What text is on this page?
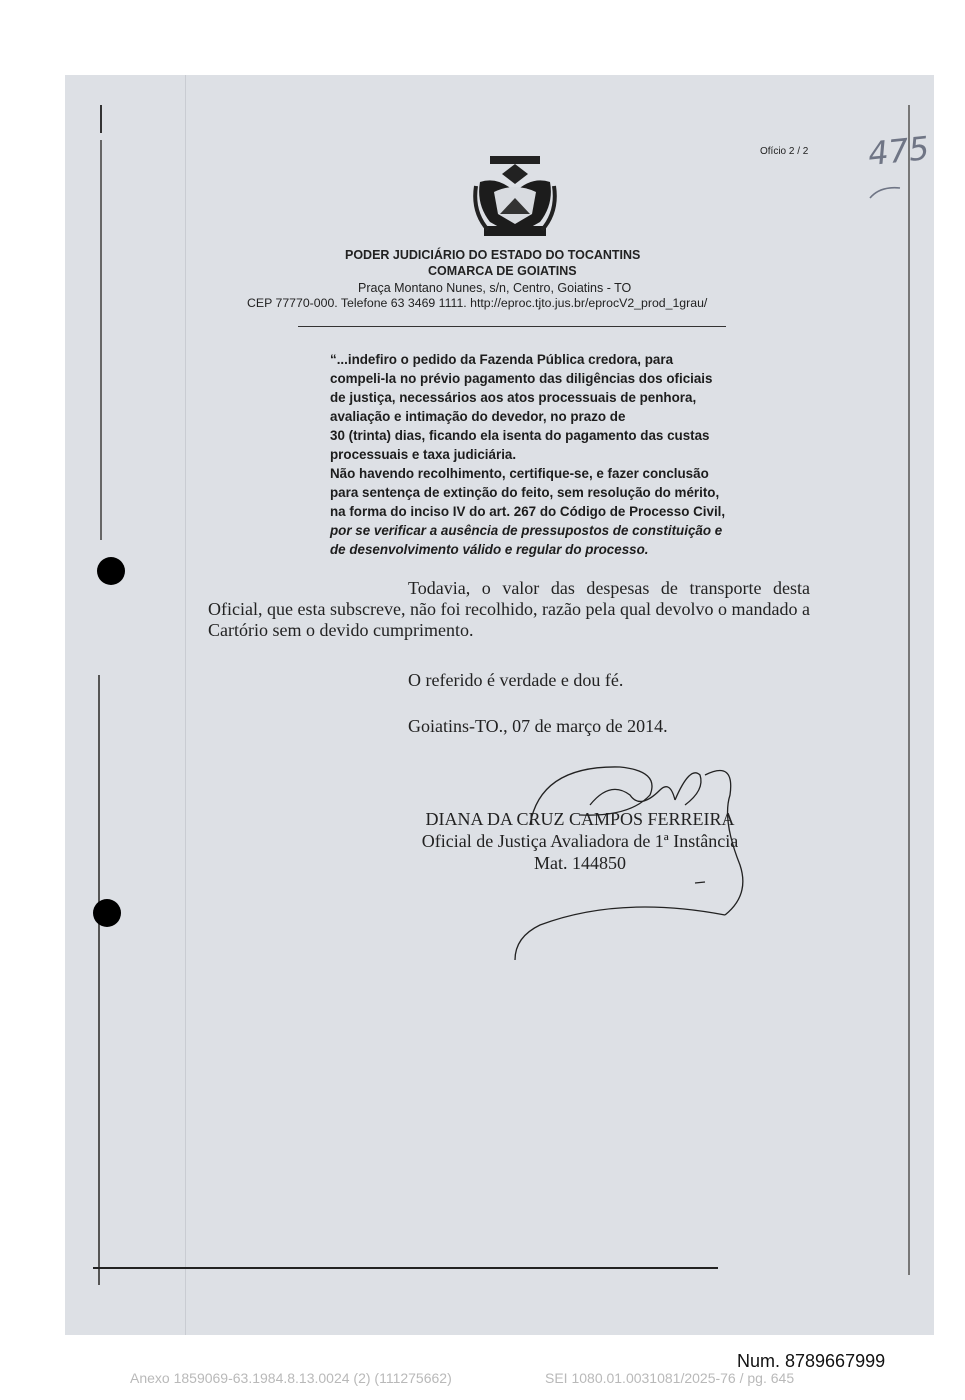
Ofício 2 / 2 475
PODER JUDICIÁRIO DO ESTADO DO TOCANTINS
COMARCA DE GOIATINS
Praça Montano Nunes, s/n, Centro, Goiatins - TO
CEP 77770-000. Telefone 63 3469 1111. http://eproc.tjto.jus.br/eprocV2_prod_1grau/
“...indefiro o pedido da Fazenda Pública credora, para
compeli-la no prévio pagamento das diligências dos oficiais
de justiça, necessários aos atos processuais de penhora,
avaliação e intimação do devedor, no prazo de
30 (trinta) dias, ficando ela isenta do pagamento das custas
processuais e taxa judiciária.
Não havendo recolhimento, certifique-se, e fazer conclusão
para sentença de extinção do feito, sem resolução do mérito,
na forma do inciso IV do art. 267 do Código de Processo Civil,
por se verificar a ausência de pressupostos de constituição e
de desenvolvimento válido e regular do processo.
Todavia, o valor das despesas de transporte desta Oficial, que esta subscreve, não foi recolhido, razão pela qual devolvo o mandado a Cartório sem o devido cumprimento.
O referido é verdade e dou fé.
Goiatins-TO., 07 de março de 2014.
DIANA DA CRUZ CAMPOS FERREIRA
Oficial de Justiça Avaliadora de 1ª Instância
Mat. 144850
Num. 8789667999
Anexo 1859069-63.1984.8.13.0024 (2) (111275662)	SEI 1080.01.0031081/2025-76 / pg. 645
